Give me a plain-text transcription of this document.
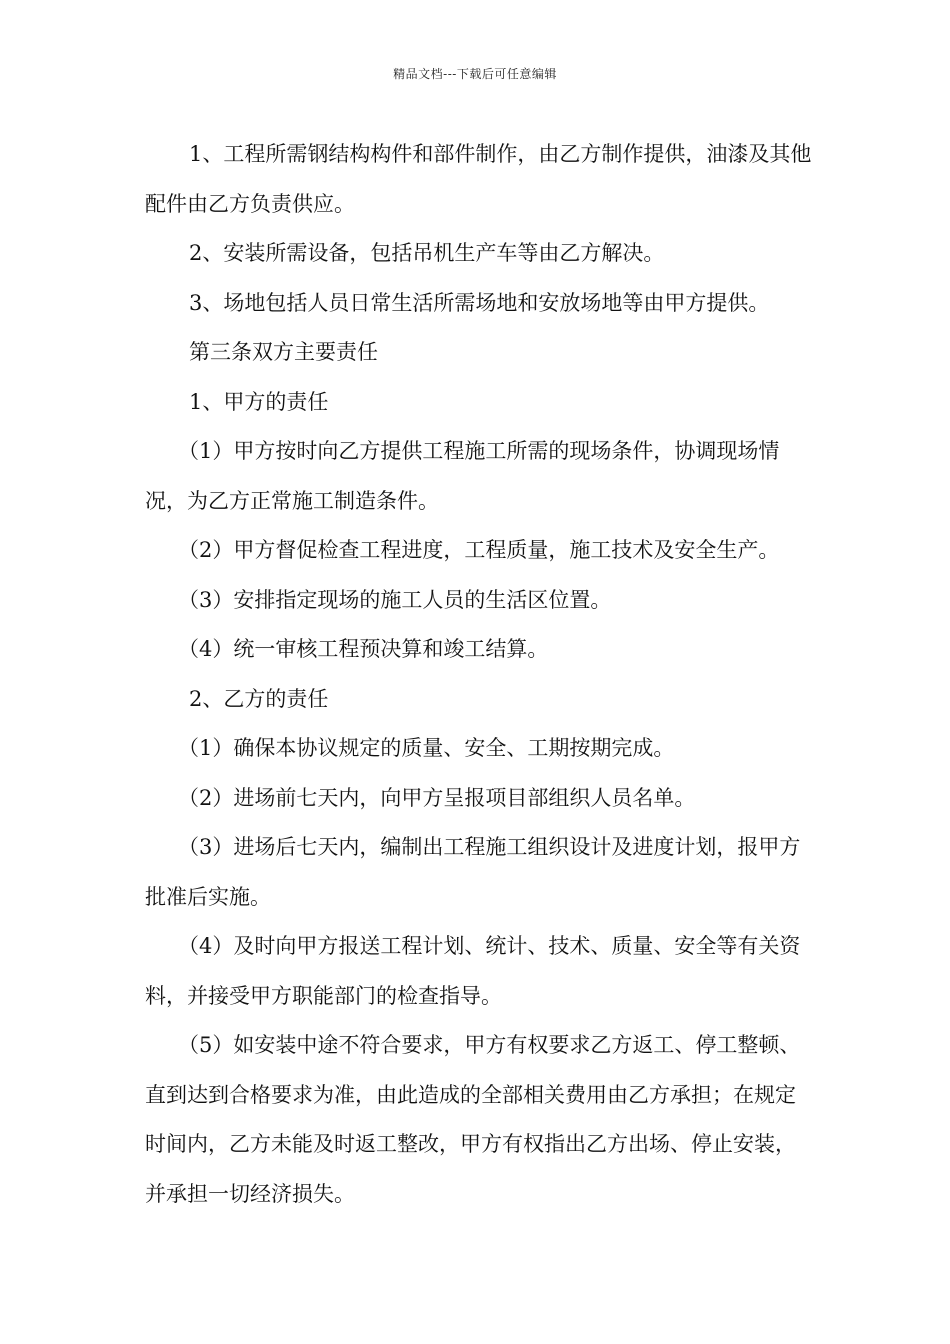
精品文档---下载后可任意编辑

1、工程所需钢结构构件和部件制作，由乙方制作提供，油漆及其他配件由乙方负责供应。

2、安装所需设备，包括吊机生产车等由乙方解决。

3、场地包括人员日常生活所需场地和安放场地等由甲方提供。

第三条双方主要责任

1、甲方的责任

（1）甲方按时向乙方提供工程施工所需的现场条件，协调现场情况，为乙方正常施工制造条件。

（2）甲方督促检查工程进度，工程质量，施工技术及安全生产。

（3）安排指定现场的施工人员的生活区位置。

（4）统一审核工程预决算和竣工结算。

2、乙方的责任

（1）确保本协议规定的质量、安全、工期按期完成。

（2）进场前七天内，向甲方呈报项目部组织人员名单。

（3）进场后七天内，编制出工程施工组织设计及进度计划，报甲方批准后实施。

（4）及时向甲方报送工程计划、统计、技术、质量、安全等有关资料，并接受甲方职能部门的检查指导。

（5）如安装中途不符合要求，甲方有权要求乙方返工、停工整顿、直到达到合格要求为准，由此造成的全部相关费用由乙方承担；在规定时间内，乙方未能及时返工整改，甲方有权指出乙方出场、停止安装，并承担一切经济损失。
